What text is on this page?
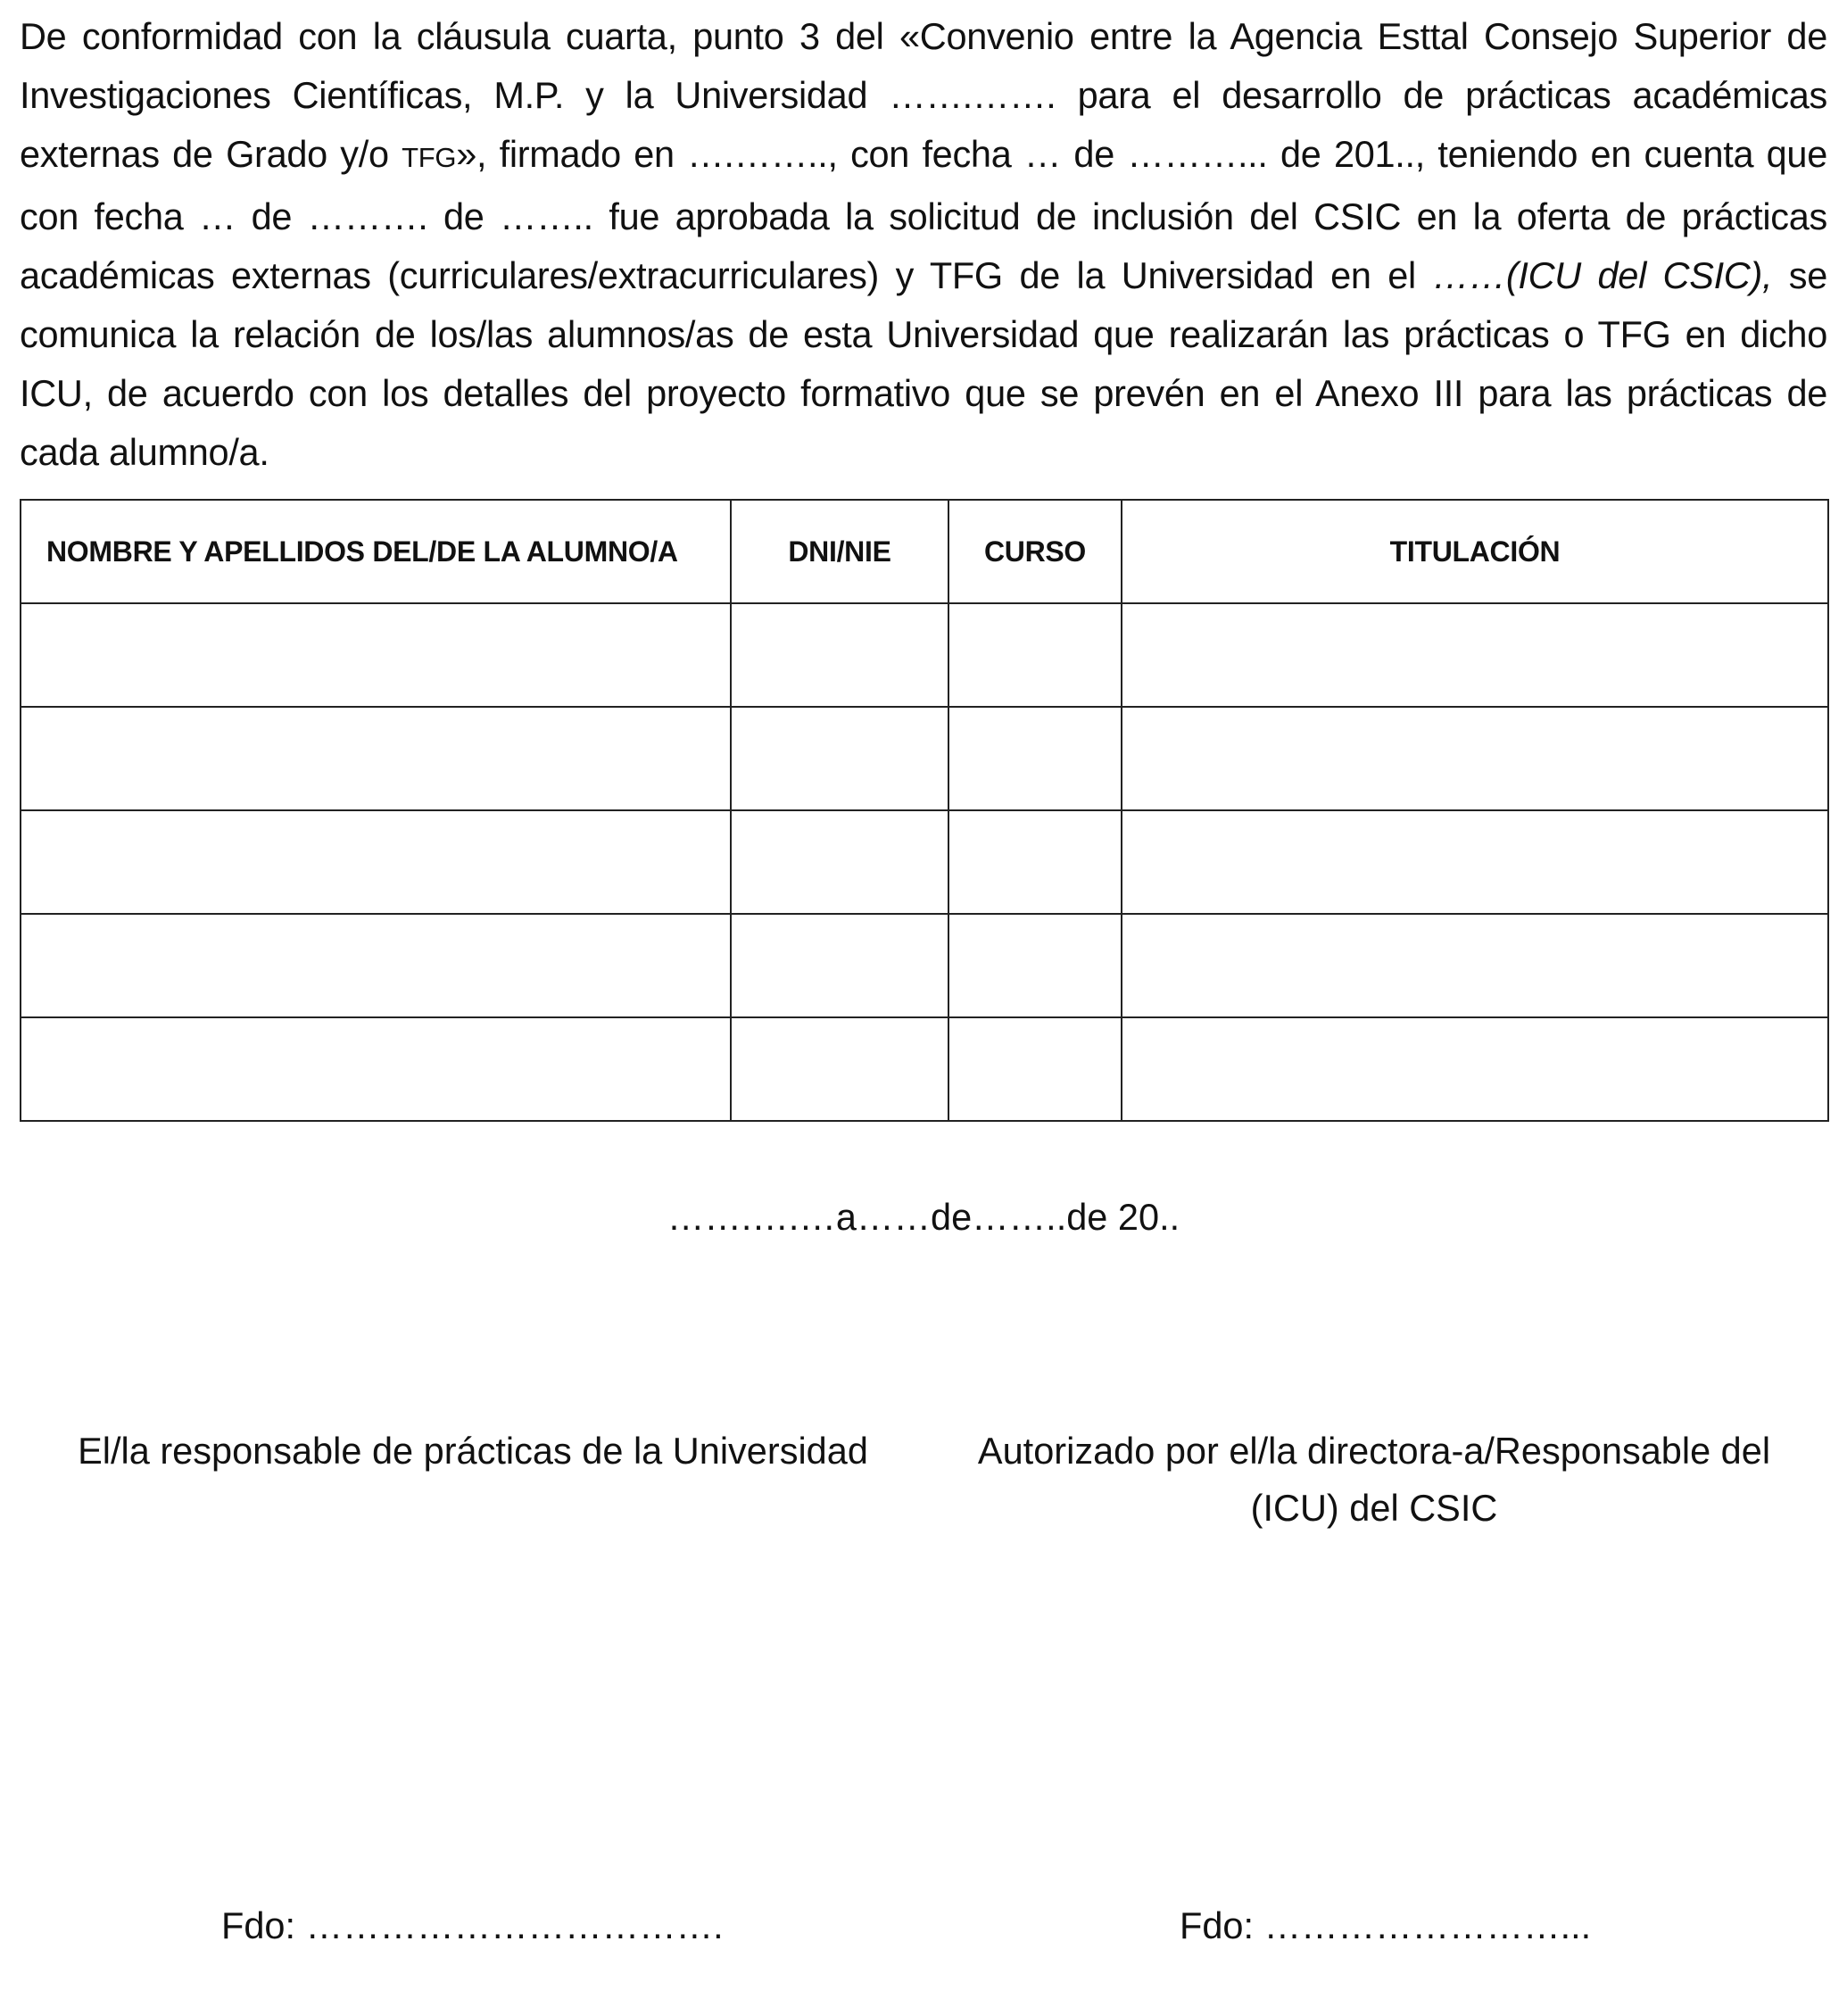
De conformidad con la cláusula cuarta, punto 3 del «Convenio entre la Agencia Esttal Consejo Superior de Investigaciones Científicas, M.P. y la Universidad …….……. para el desarrollo de prácticas académicas externas de Grado y/o TFG», firmado en ….…….., con fecha … de ………... de 201.., teniendo en cuenta que con fecha … de ………. de …….. fue aprobada la solicitud de inclusión del CSIC en la oferta de prácticas académicas externas (curriculares/extracurriculares) y TFG de la Universidad en el ……(ICU del CSIC), se comunica la relación de los/las alumnos/as de esta Universidad que realizarán las prácticas o TFG en dicho ICU, de acuerdo con los detalles del proyecto formativo que se prevén en el Anexo III para las prácticas de cada alumno/a.
NOMBRE Y APELLIDOS DEL/DE LA ALUMNO/A	DNI/NIE	CURSO	TITULACIÓN

…….….…a……de……..de 20..
El/la responsable de prácticas de la Universidad	Autorizado por el/la directora-a/Responsable del
(ICU) del CSIC
Fdo: …………………………….	Fdo: ……………………...
